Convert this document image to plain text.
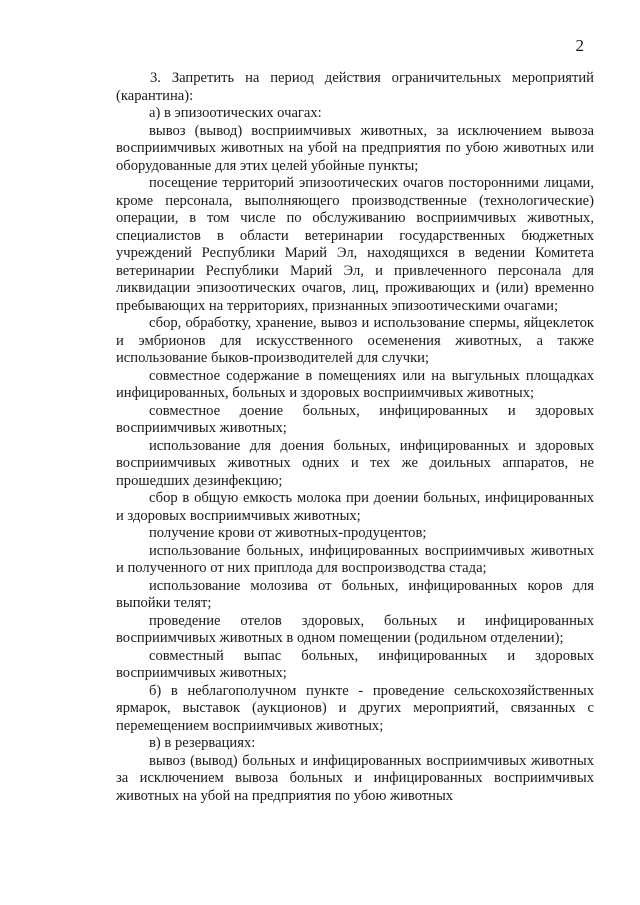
2

3. Запретить на период действия ограничительных мероприятий (карантина):

а) в эпизоотических очагах:

вывоз (вывод) восприимчивых животных, за исключением вывоза восприимчивых животных на убой на предприятия по убою животных или оборудованные для этих целей убойные пункты;

посещение территорий эпизоотических очагов посторонними лицами, кроме персонала, выполняющего производственные (технологические) операции, в том числе по обслуживанию восприимчивых животных, специалистов в области ветеринарии государственных бюджетных учреждений Республики Марий Эл, находящихся в ведении Комитета ветеринарии Республики Марий Эл, и привлеченного персонала для ликвидации эпизоотических очагов, лиц, проживающих и (или) временно пребывающих на территориях, признанных эпизоотическими очагами;

сбор, обработку, хранение, вывоз и использование спермы, яйцеклеток и эмбрионов для искусственного осеменения животных, а также использование быков-производителей для случки;

совместное содержание в помещениях или на выгульных площадках инфицированных, больных и здоровых восприимчивых животных;

совместное доение больных, инфицированных и здоровых восприимчивых животных;

использование для доения больных, инфицированных и здоровых восприимчивых животных одних и тех же доильных аппаратов, не прошедших дезинфекцию;

сбор в общую емкость молока при доении больных, инфицированных и здоровых восприимчивых животных;

получение крови от животных-продуцентов;

использование больных, инфицированных восприимчивых животных и полученного от них приплода для воспроизводства стада;

использование молозива от больных, инфицированных коров для выпойки телят;

проведение отелов здоровых, больных и инфицированных восприимчивых животных в одном помещении (родильном отделении);

совместный выпас больных, инфицированных и здоровых восприимчивых животных;

б) в неблагополучном пункте - проведение сельскохозяйственных ярмарок, выставок (аукционов) и других мероприятий, связанных с перемещением восприимчивых животных;

в) в резервациях:

вывоз (вывод) больных и инфицированных восприимчивых животных за исключением вывоза больных и инфицированных восприимчивых животных на убой на предприятия по убою животных
